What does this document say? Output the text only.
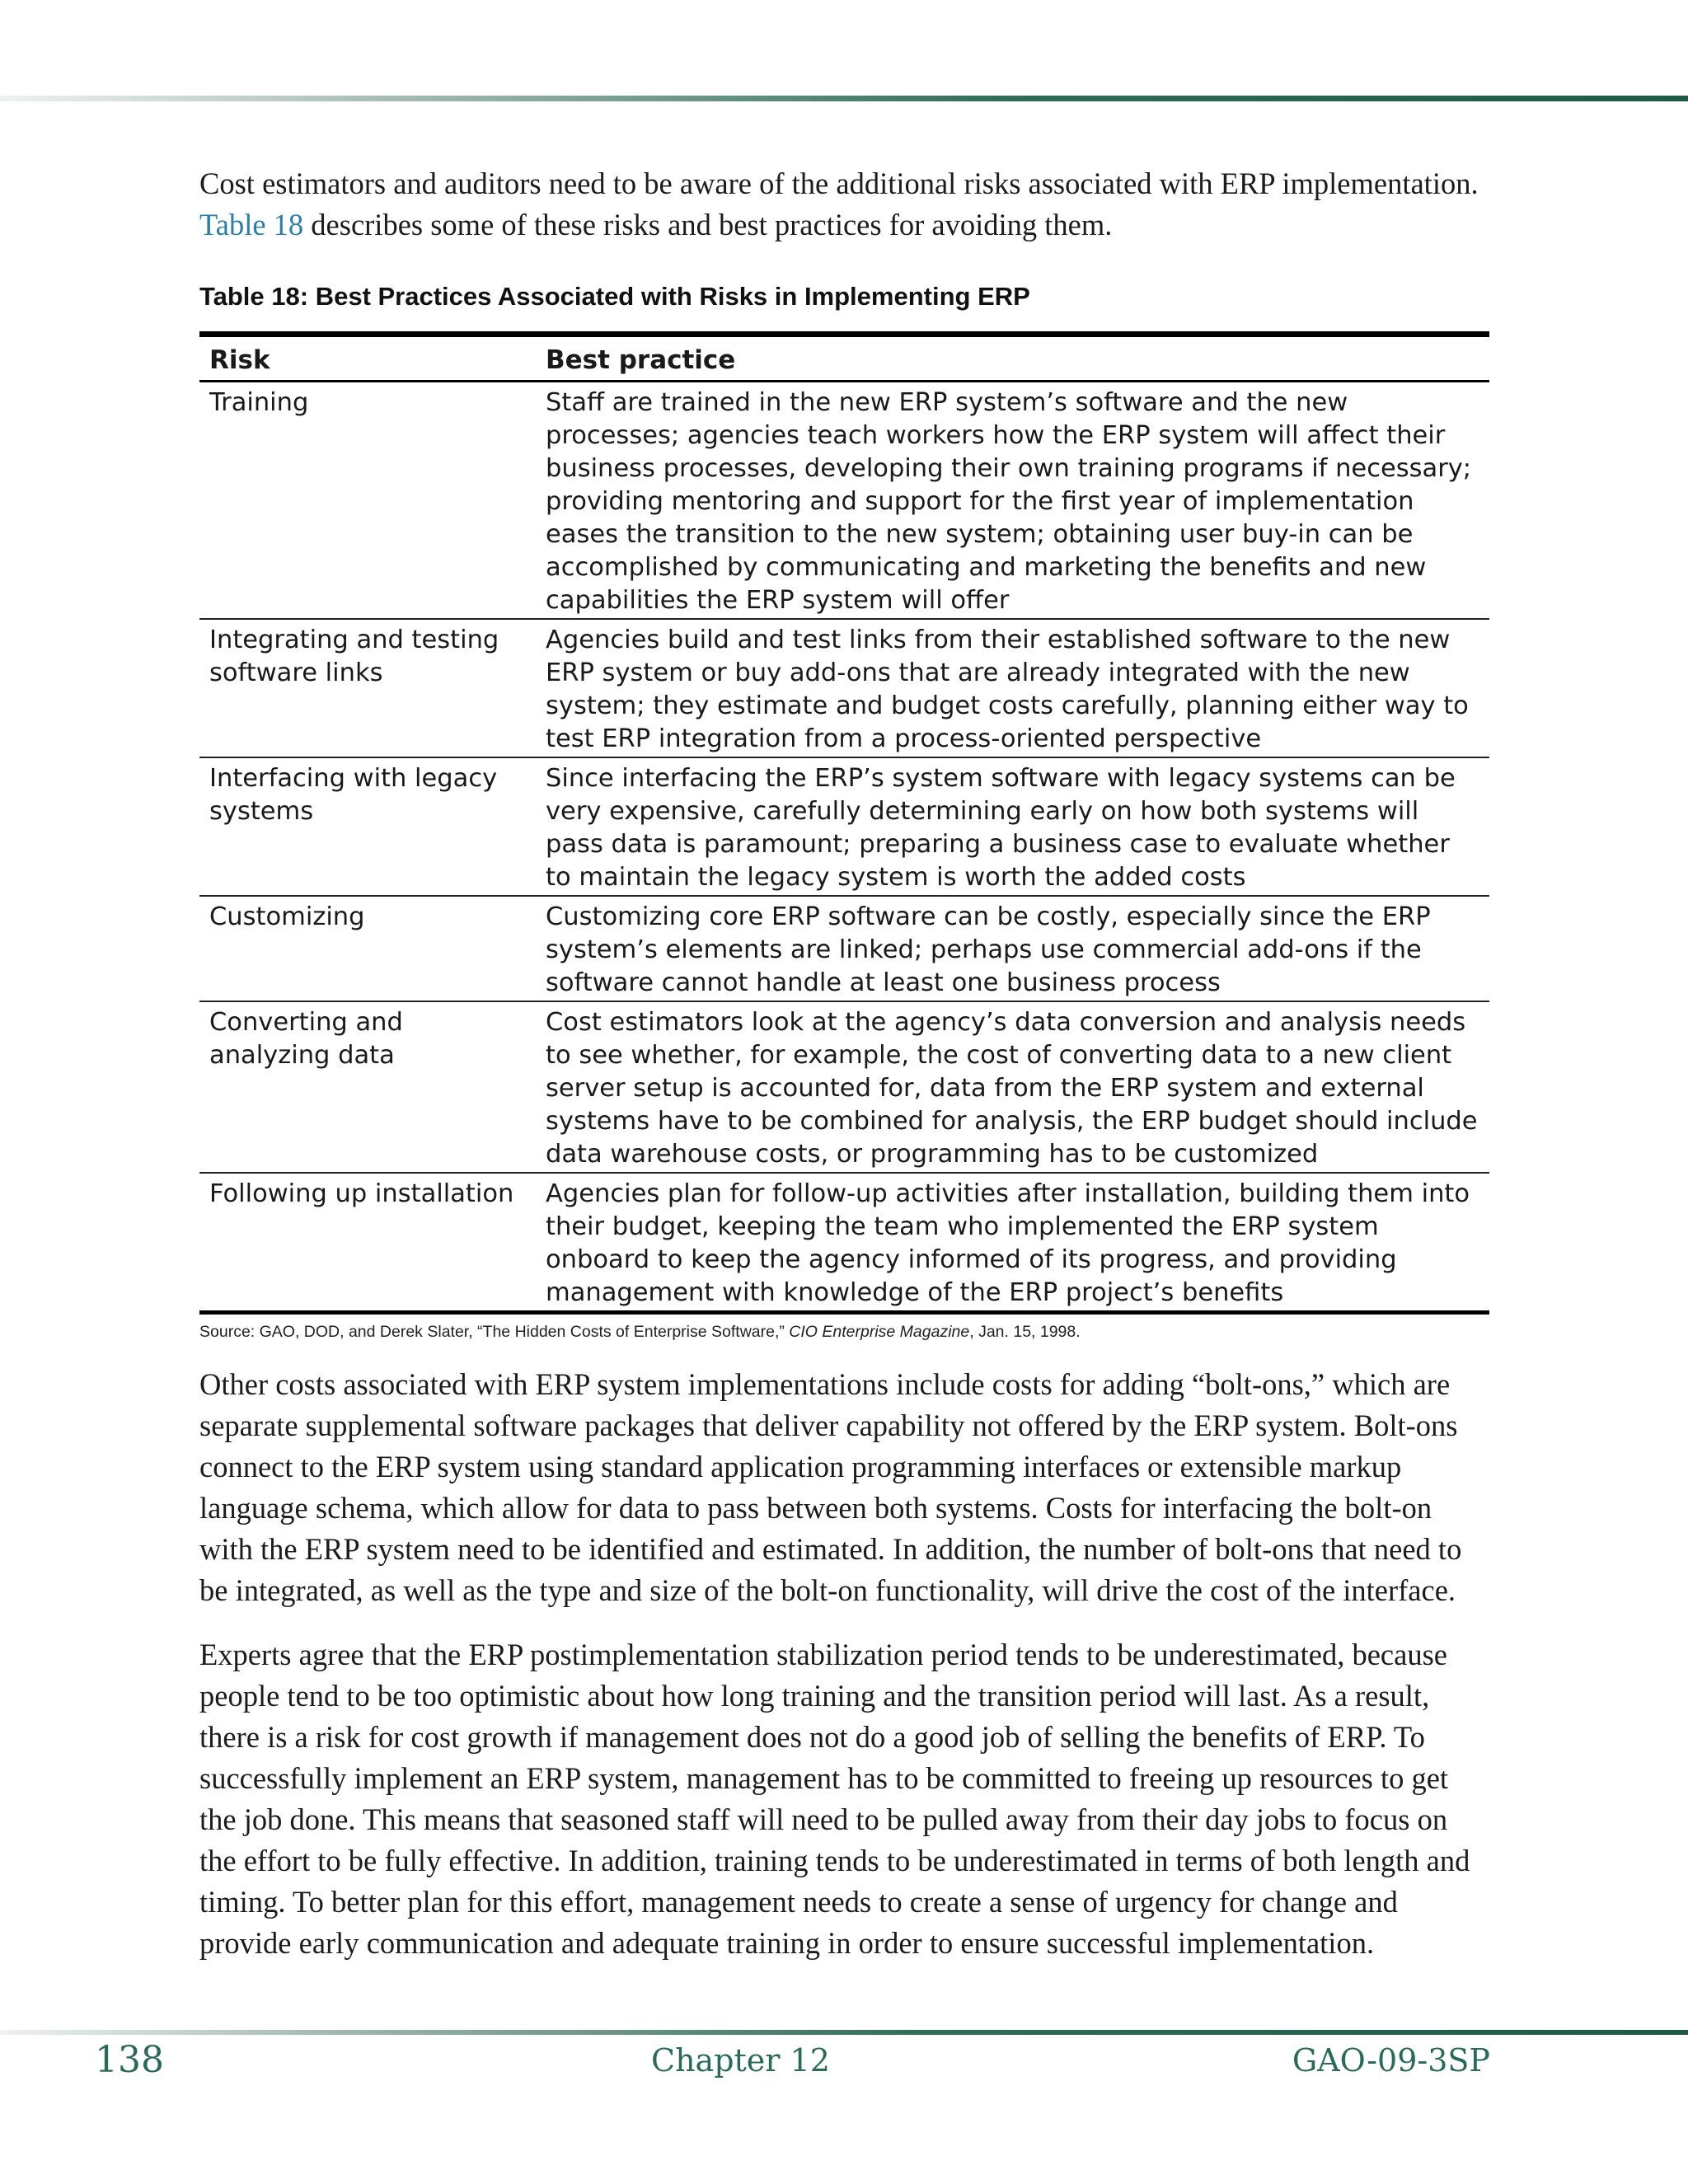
Cost estimators and auditors need to be aware of the additional risks associated with ERP implementation. Table 18 describes some of these risks and best practices for avoiding them.

Table 18: Best Practices Associated with Risks in Implementing ERP
Risk	Best practice
Training	Staff are trained in the new ERP system’s software and the new processes; agencies teach workers how the ERP system will affect their business processes, developing their own training programs if necessary; providing mentoring and support for the first year of implementation eases the transition to the new system; obtaining user buy-in can be accomplished by communicating and marketing the benefits and new capabilities the ERP system will offer
Integrating and testing software links	Agencies build and test links from their established software to the new ERP system or buy add-ons that are already integrated with the new system; they estimate and budget costs carefully, planning either way to test ERP integration from a process-oriented perspective
Interfacing with legacy systems	Since interfacing the ERP’s system software with legacy systems can be very expensive, carefully determining early on how both systems will pass data is paramount; preparing a business case to evaluate whether to maintain the legacy system is worth the added costs
Customizing	Customizing core ERP software can be costly, especially since the ERP system’s elements are linked; perhaps use commercial add-ons if the software cannot handle at least one business process
Converting and analyzing data	Cost estimators look at the agency’s data conversion and analysis needs to see whether, for example, the cost of converting data to a new client server setup is accounted for, data from the ERP system and external systems have to be combined for analysis, the ERP budget should include data warehouse costs, or programming has to be customized
Following up installation	Agencies plan for follow-up activities after installation, building them into their budget, keeping the team who implemented the ERP system onboard to keep the agency informed of its progress, and providing management with knowledge of the ERP project’s benefits
Source: GAO, DOD, and Derek Slater, “The Hidden Costs of Enterprise Software,” CIO Enterprise Magazine, Jan. 15, 1998.

Other costs associated with ERP system implementations include costs for adding “bolt-ons,” which are separate supplemental software packages that deliver capability not offered by the ERP system. Bolt-ons connect to the ERP system using standard application programming interfaces or extensible markup language schema, which allow for data to pass between both systems. Costs for interfacing the bolt-on with the ERP system need to be identified and estimated. In addition, the number of bolt-ons that need to be integrated, as well as the type and size of the bolt-on functionality, will drive the cost of the interface.

Experts agree that the ERP postimplementation stabilization period tends to be underestimated, because people tend to be too optimistic about how long training and the transition period will last. As a result, there is a risk for cost growth if management does not do a good job of selling the benefits of ERP. To successfully implement an ERP system, management has to be committed to freeing up resources to get the job done. This means that seasoned staff will need to be pulled away from their day jobs to focus on the effort to be fully effective. In addition, training tends to be underestimated in terms of both length and timing. To better plan for this effort, management needs to create a sense of urgency for change and provide early communication and adequate training in order to ensure successful implementation.

138	Chapter 12	GAO-09-3SP
